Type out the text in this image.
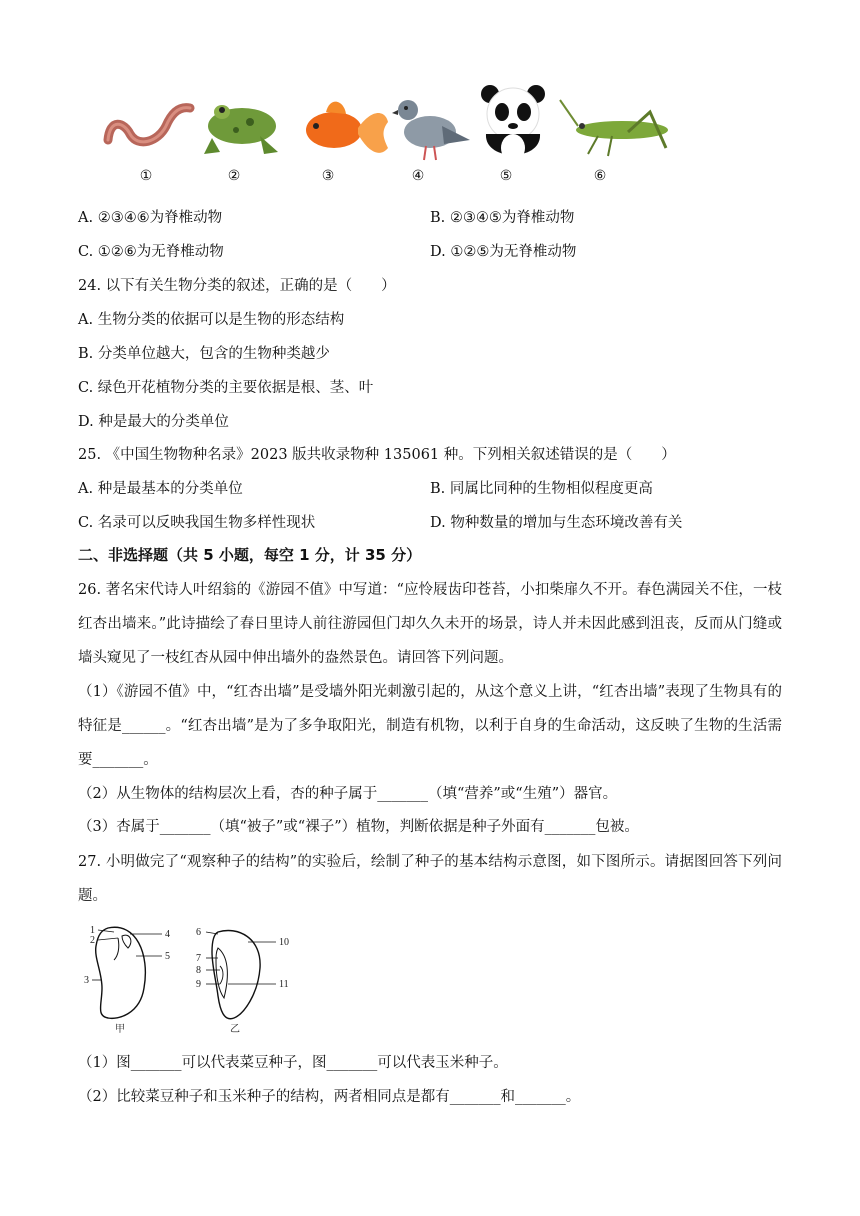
①	②	③	④	⑤	⑥
A. ②③④⑥为脊椎动物	B. ②③④⑤为脊椎动物
C. ①②⑥为无脊椎动物	D. ①②⑤为无脊椎动物
24. 以下有关生物分类的叙述，正确的是（　　）
A. 生物分类的依据可以是生物的形态结构
B. 分类单位越大，包含的生物种类越少
C. 绿色开花植物分类的主要依据是根、茎、叶
D. 种是最大的分类单位
25. 《中国生物物种名录》2023 版共收录物种 135061 种。下列相关叙述错误的是（　　）
A. 种是最基本的分类单位	B. 同属比同种的生物相似程度更高
C. 名录可以反映我国生物多样性现状	D. 物种数量的增加与生态环境改善有关
二、非选择题（共 5 小题，每空 1 分，计 35 分）
26. 著名宋代诗人叶绍翁的《游园不值》中写道：“应怜屐齿印苍苔，小扣柴扉久不开。春色满园关不住，一枝红杏出墙来。”此诗描绘了春日里诗人前往游园但门却久久未开的场景，诗人并未因此感到沮丧，反而从门缝或墙头窥见了一枝红杏从园中伸出墙外的盎然景色。请回答下列问题。
（1）《游园不值》中，“红杏出墙”是受墙外阳光刺激引起的，从这个意义上讲，“红杏出墙”表现了生物具有的特征是______。“红杏出墙”是为了多争取阳光，制造有机物，以利于自身的生命活动，这反映了生物的生活需要_______。
（2）从生物体的结构层次上看，杏的种子属于_______（填“营养”或“生殖”）器官。
（3）杏属于_______（填“被子”或“裸子”）植物，判断依据是种子外面有_______包被。
27. 小明做完了“观察种子的结构”的实验后，绘制了种子的基本结构示意图，如下图所示。请据图回答下列问题。
1
2
3
4
5
甲
6
7
8
9
10
11
乙
（1）图_______可以代表菜豆种子，图_______可以代表玉米种子。
（2）比较菜豆种子和玉米种子的结构，两者相同点是都有_______和_______。
